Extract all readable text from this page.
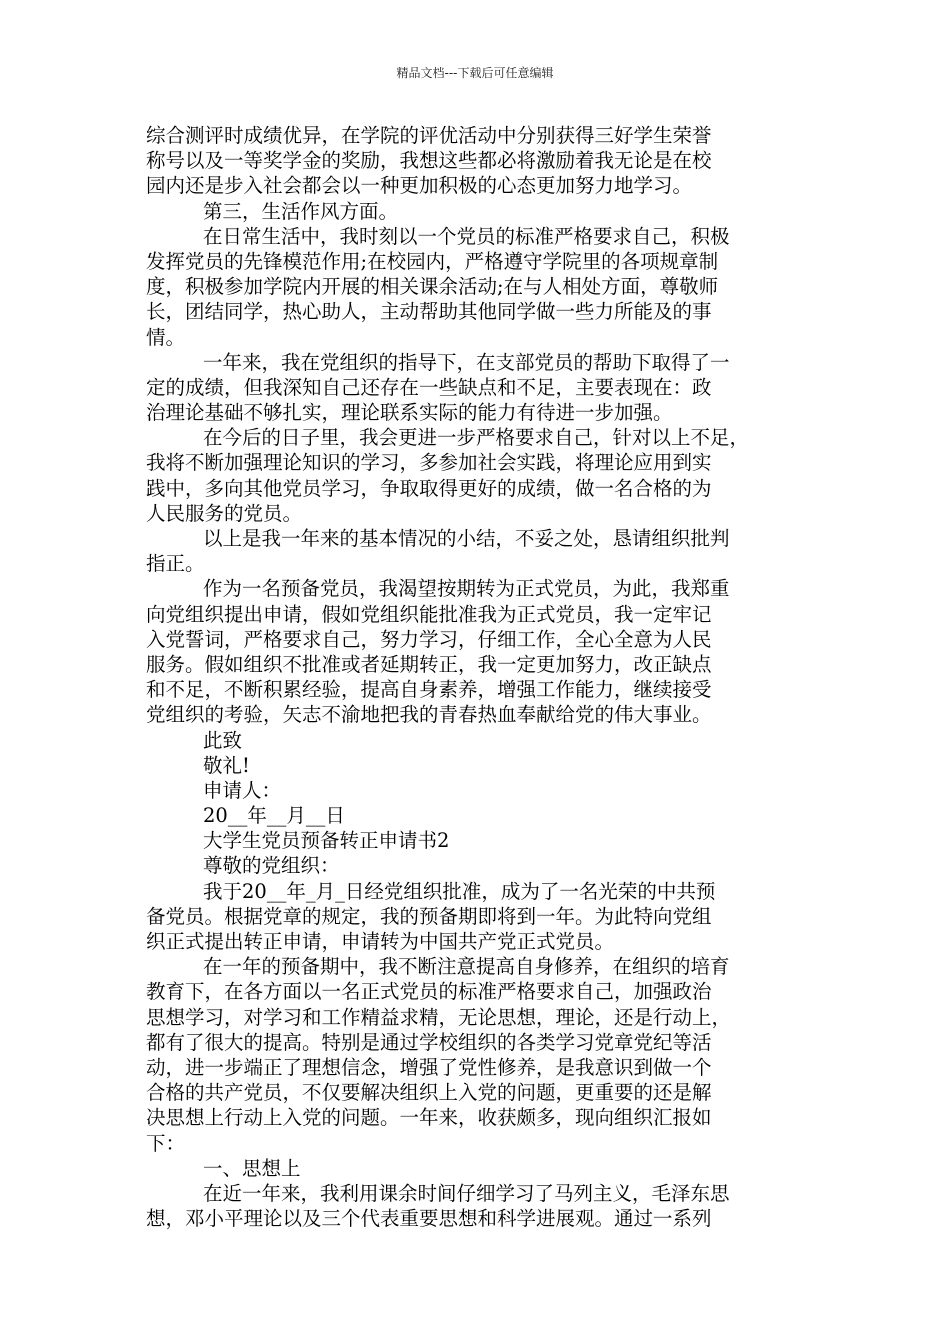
精品文档---下载后可任意编辑
综合测评时成绩优异，在学院的评优活动中分别获得三好学生荣誉
称号以及一等奖学金的奖励，我想这些都必将激励着我无论是在校
园内还是步入社会都会以一种更加积极的心态更加努力地学习。
第三，生活作风方面。
在日常生活中，我时刻以一个党员的标准严格要求自己，积极
发挥党员的先锋模范作用;在校园内，严格遵守学院里的各项规章制
度，积极参加学院内开展的相关课余活动;在与人相处方面，尊敬师
长，团结同学，热心助人，主动帮助其他同学做一些力所能及的事
情。
一年来，我在党组织的指导下，在支部党员的帮助下取得了一
定的成绩，但我深知自己还存在一些缺点和不足，主要表现在：政
治理论基础不够扎实，理论联系实际的能力有待进一步加强。
在今后的日子里，我会更进一步严格要求自己，针对以上不足，
我将不断加强理论知识的学习，多参加社会实践，将理论应用到实
践中，多向其他党员学习，争取取得更好的成绩，做一名合格的为
人民服务的党员。
以上是我一年来的基本情况的小结，不妥之处，恳请组织批判
指正。
作为一名预备党员，我渴望按期转为正式党员，为此，我郑重
向党组织提出申请，假如党组织能批准我为正式党员，我一定牢记
入党誓词，严格要求自己，努力学习，仔细工作，全心全意为人民
服务。假如组织不批准或者延期转正，我一定更加努力，改正缺点
和不足，不断积累经验，提高自身素养，增强工作能力，继续接受
党组织的考验，矢志不渝地把我的青春热血奉献给党的伟大事业。
此致
敬礼!
申请人：
20__年__月__日
大学生党员预备转正申请书2
尊敬的党组织：
我于20__年_月_日经党组织批准，成为了一名光荣的中共预
备党员。根据党章的规定，我的预备期即将到一年。为此特向党组
织正式提出转正申请，申请转为中国共产党正式党员。
在一年的预备期中，我不断注意提高自身修养，在组织的培育
教育下，在各方面以一名正式党员的标准严格要求自己，加强政治
思想学习，对学习和工作精益求精，无论思想，理论，还是行动上，
都有了很大的提高。特别是通过学校组织的各类学习党章党纪等活
动，进一步端正了理想信念，增强了党性修养，是我意识到做一个
合格的共产党员，不仅要解决组织上入党的问题，更重要的还是解
决思想上行动上入党的问题。一年来，收获颇多，现向组织汇报如
下：
一、思想上
在近一年来，我利用课余时间仔细学习了马列主义，毛泽东思
想，邓小平理论以及三个代表重要思想和科学进展观。通过一系列
